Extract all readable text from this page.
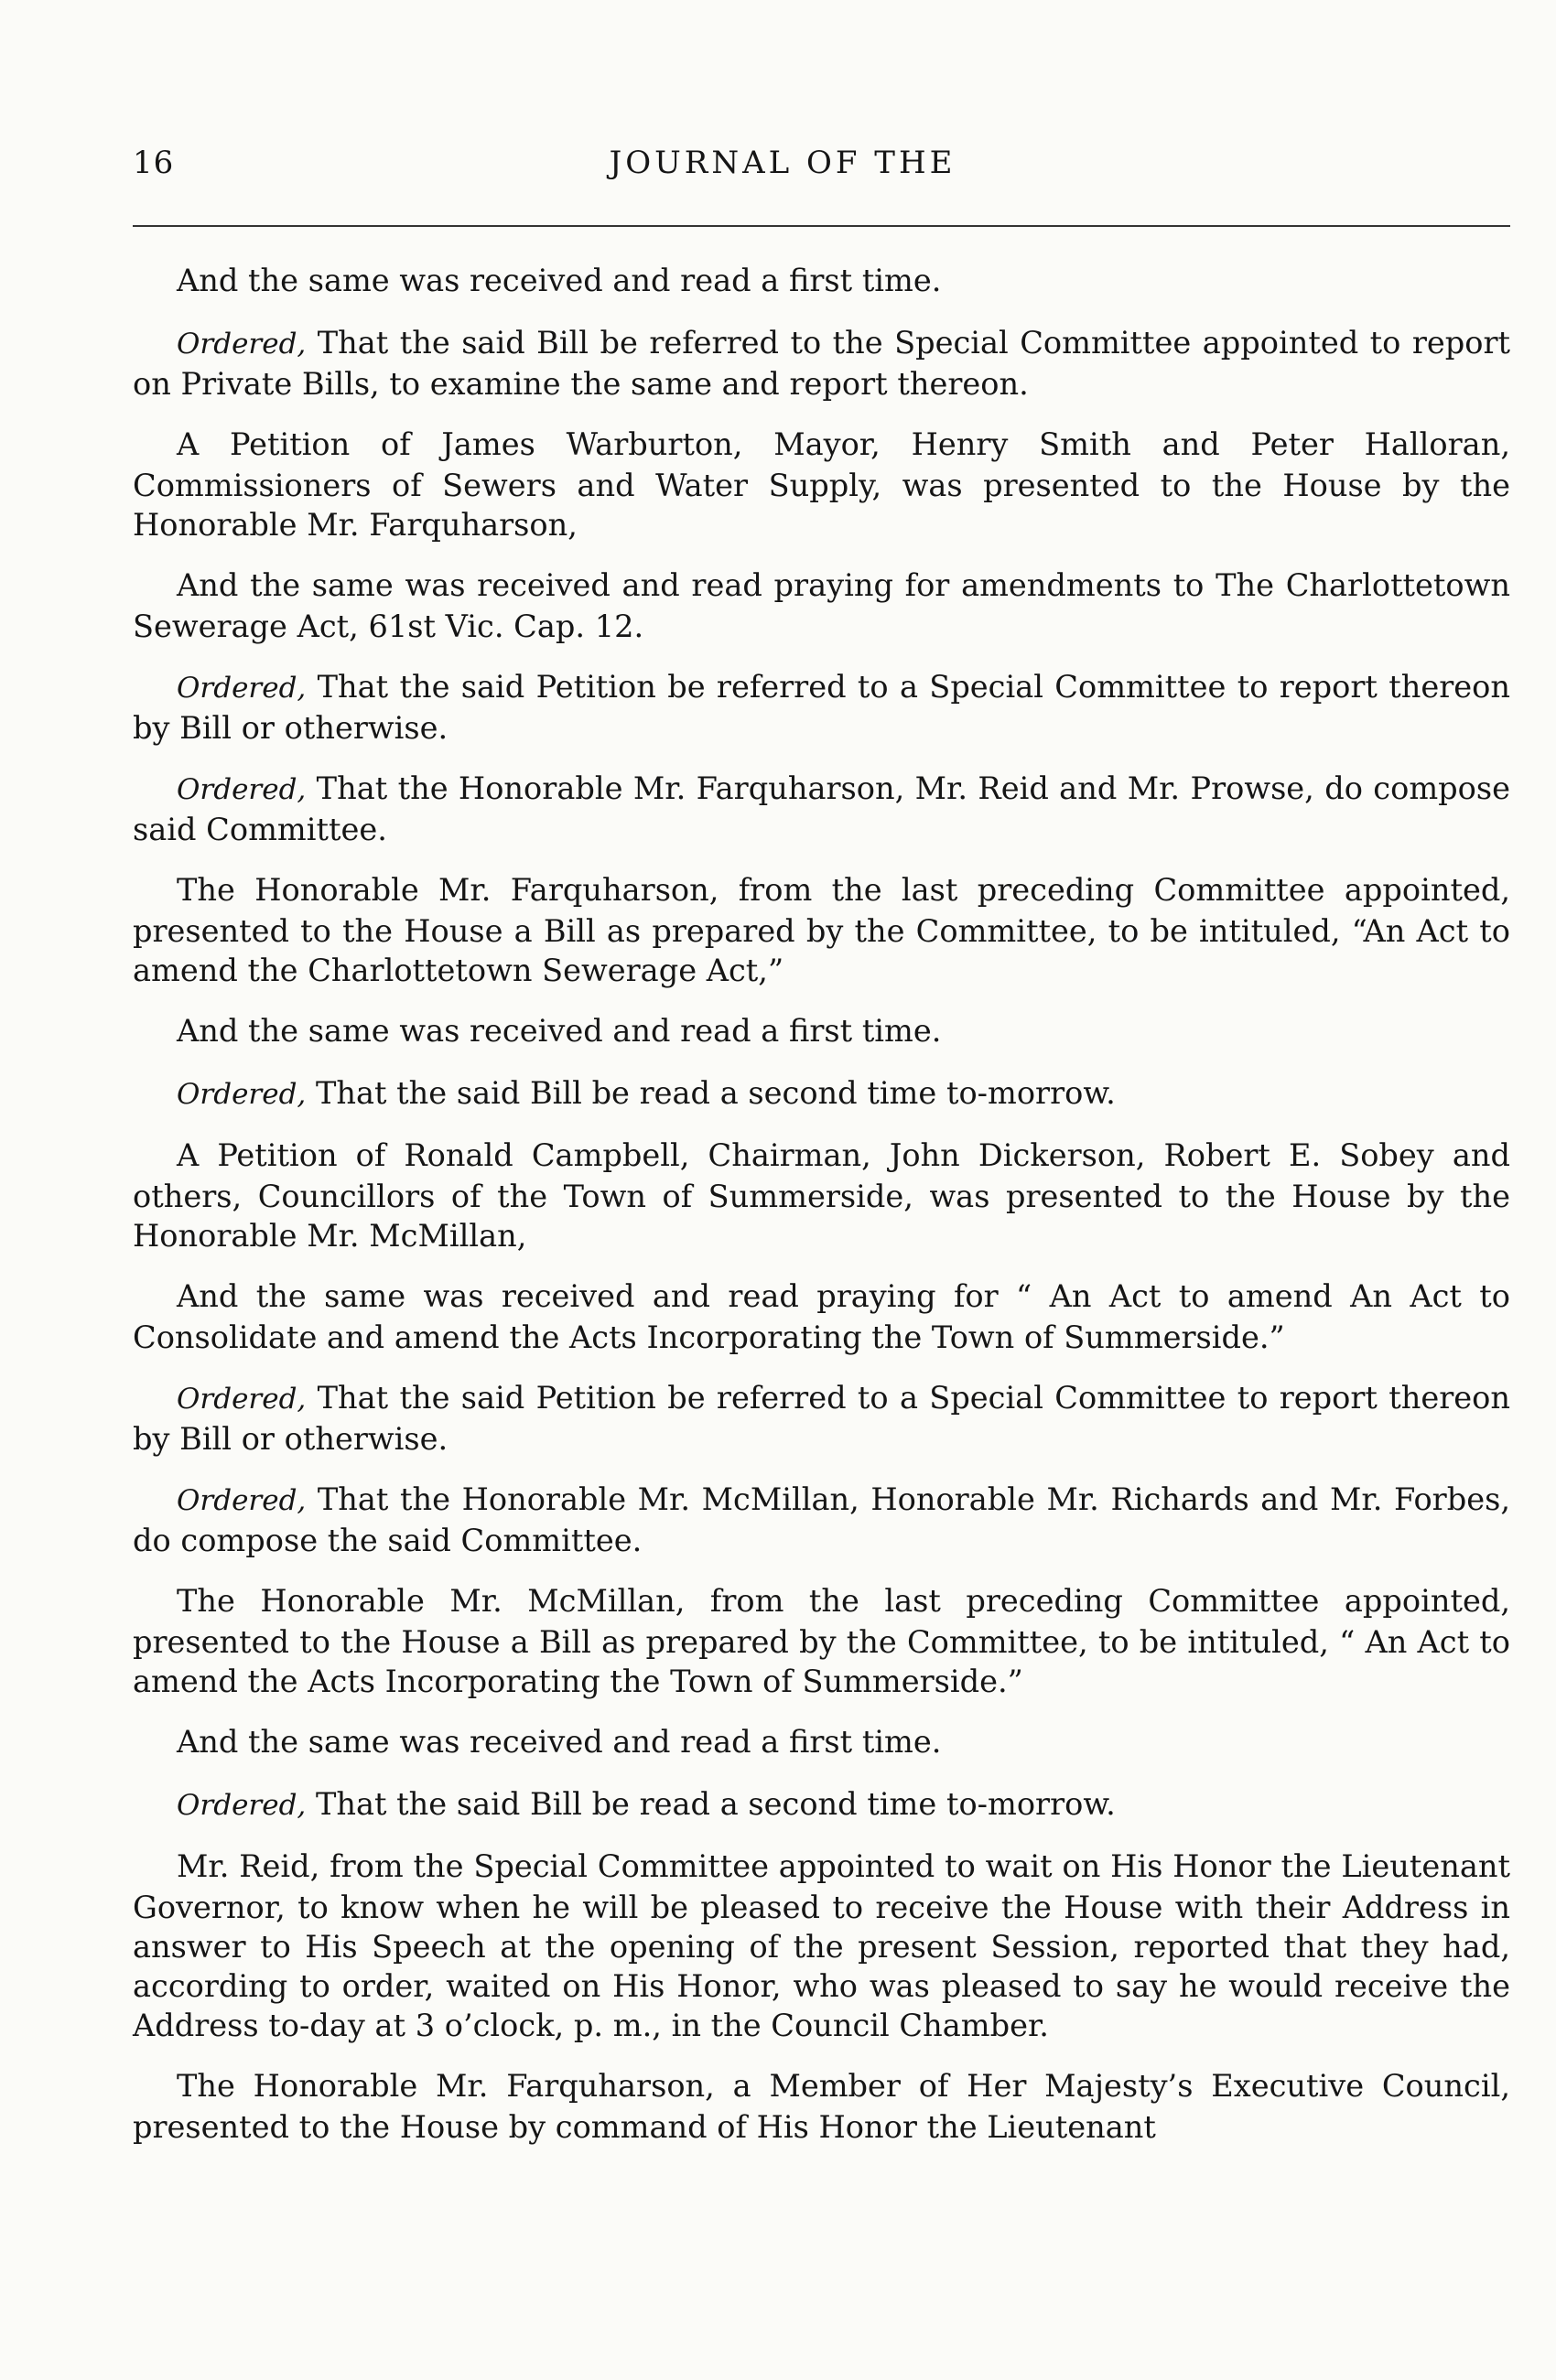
16	JOURNAL OF THE

And the same was received and read a first time.

Ordered, That the said Bill be referred to the Special Committee appointed to report on Private Bills, to examine the same and report thereon.

A Petition of James Warburton, Mayor, Henry Smith and Peter Halloran, Commissioners of Sewers and Water Supply, was presented to the House by the Honorable Mr. Farquharson,

And the same was received and read praying for amendments to The Charlottetown Sewerage Act, 61st Vic. Cap. 12.

Ordered, That the said Petition be referred to a Special Committee to report thereon by Bill or otherwise.

Ordered, That the Honorable Mr. Farquharson, Mr. Reid and Mr. Prowse, do compose said Committee.

The Honorable Mr. Farquharson, from the last preceding Committee appointed, presented to the House a Bill as prepared by the Committee, to be intituled, “An Act to amend the Charlottetown Sewerage Act,”

And the same was received and read a first time.

Ordered, That the said Bill be read a second time to-morrow.

A Petition of Ronald Campbell, Chairman, John Dickerson, Robert E. Sobey and others, Councillors of the Town of Summerside, was presented to the House by the Honorable Mr. McMillan,

And the same was received and read praying for “ An Act to amend An Act to Consolidate and amend the Acts Incorporating the Town of Summerside.”

Ordered, That the said Petition be referred to a Special Committee to report thereon by Bill or otherwise.

Ordered, That the Honorable Mr. McMillan, Honorable Mr. Richards and Mr. Forbes, do compose the said Committee.

The Honorable Mr. McMillan, from the last preceding Committee appointed, presented to the House a Bill as prepared by the Committee, to be intituled, “ An Act to amend the Acts Incorporating the Town of Summerside.”

And the same was received and read a first time.

Ordered, That the said Bill be read a second time to-morrow.

Mr. Reid, from the Special Committee appointed to wait on His Honor the Lieutenant Governor, to know when he will be pleased to receive the House with their Address in answer to His Speech at the opening of the present Session, reported that they had, according to order, waited on His Honor, who was pleased to say he would receive the Address to-day at 3 o’clock, p. m., in the Council Chamber.

The Honorable Mr. Farquharson, a Member of Her Majesty’s Executive Council, presented to the House by command of His Honor the Lieutenant
